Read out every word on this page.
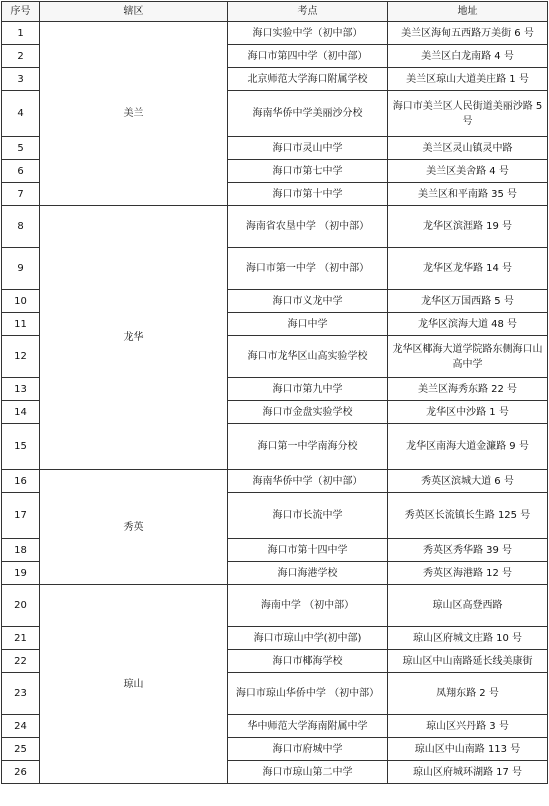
序号	辖区	考点	地址
1	美兰	海口实验中学（初中部）	美兰区海甸五西路万美街 6 号
2		海口市第四中学（初中部）	美兰区白龙南路 4 号
3		北京师范大学海口附属学校	美兰区琼山大道美庄路 1 号
4		海南华侨中学美丽沙分校	海口市美兰区人民街道美丽沙路 5 号
5		海口市灵山中学	美兰区灵山镇灵中路
6		海口市第七中学	美兰区美舍路 4 号
7		海口市第十中学	美兰区和平南路 35 号
8	龙华	海南省农垦中学 （初中部）	龙华区滨涯路 19 号
9		海口市第一中学 （初中部）	龙华区龙华路 14 号
10		海口市义龙中学	龙华区万国西路 5 号
11		海口中学	龙华区滨海大道 48 号
12		海口市龙华区山高实验学校	龙华区椰海大道学院路东侧海口山高中学
13		海口市第九中学	美兰区海秀东路 22 号
14		海口市金盘实验学校	龙华区中沙路 1 号
15		海口第一中学南海分校	龙华区南海大道金濂路 9 号
16	秀英	海南华侨中学（初中部）	秀英区滨城大道 6 号
17		海口市长流中学	秀英区长流镇长生路 125 号
18		海口市第十四中学	秀英区秀华路 39 号
19		海口海港学校	秀英区海港路 12 号
20	琼山	海南中学 （初中部）	琼山区高登西路
21		海口市琼山中学(初中部)	琼山区府城文庄路 10 号
22		海口市椰海学校	琼山区中山南路延长线美康街
23		海口市琼山华侨中学 （初中部）	凤翔东路 2 号
24		华中师范大学海南附属中学	琼山区兴丹路 3 号
25		海口市府城中学	琼山区中山南路 113 号
26		海口市琼山第二中学	琼山区府城环湖路 17 号
